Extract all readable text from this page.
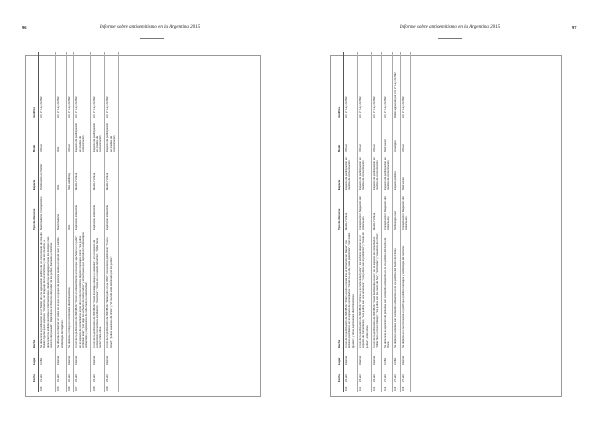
96	Informe sobre antisemitismo en la Argentina 2015
	Fecha	Lugar	Hecho	Tipo de discurso	Espacio	Modo	Justifica
104	21-abr	CABA	Se denuncia la publicación en el Twitter de una agrupación política de un comunicado de Claudio Rubén Aguilar quien expresó: "Volvemos, en lenguaje de las trincheras y de los muertos, a denunciar los ardides sionistas e internacionales, desde las sinagogas hasta los tiempos más oscuros del pasado". Reproduce el discurso del poder de los judíos, llamados a dominar.	Nacionalismo / Conspirativo	Publicación en Twitter	Virtual	Art. 3° Ley 23.592.
105	22-abr	Internet	Se difunde en internet un video en el que un grupo de jóvenes realiza el saludo nazi y exhibe simbología del régimen.	Nacionalismo	Otro	Otro	Art. 3° Ley 23.592.
106	22-abr	Internet	Se detecta un blog con contenidos discriminatorios.	Otro	Sitio web/blog	Virtual	Art. 3° Ley 23.592.
107	24-abr	Internet	A raíz de la publicación de INFOBAE "Crece el antisemitismo en Europa: apuñalan a un judío", en el espacio de comentarios al pie de la nota los lectores dejaron mensajes como: "los judíos controlan todo", "por algo los echaron de todos lados" y otras frases que reproducen estereotipos antisemitas y expresiones de odio hacia la colectividad.	Expresión antisemita	Medio / Virtual	Espacio de participación en medios de comunicación	Art. 3° Ley 23.592.
108	24-abr	Internet	A raíz de la publicación de INFOBAE "Israel investiga ataque a soldados", en el espacio de comentarios los lectores escribieron: "Asesinos", "Israel es un estado terrorista", "Hitler tenía razón" entre otros.	Expresión antisemita	Medio / Virtual	Espacio de participación en medios de comunicación	Art. 3° Ley 23.592.
109	24-abr	Internet	A raíz de la publicación de INFOBAE "Netanyahu en la ONU", los lectores publicaron: "Fuera Israel", "judíos asesinos de niños" y "el mundo está dominado por los judíos".	Expresión antisemita	Medio / Virtual	Espacio de participación en medios de comunicación	Art. 3° Ley 23.592.
Informe sobre antisemitismo en la Argentina 2015	97
	Fecha	Lugar	Hecho	Tipo de discurso	Espacio	Modo	Justifica
110	24-abr	Internet	A raíz de la publicación de INFOBAE "Piden ayuda a Israel tras el terremoto en Nepal", los lectores escribieron en el espacio de comentarios: "Israel no ayuda, mata palestinos", "son todos iguales", y otras expresiones discriminatorias.	Medio / Virtual	Espacio de participación en medios de comunicación	Virtual	Art. 3° Ley 23.592.
111	24-abr	Internet	A raíz de la publicación de INFOBAE "Críticas a la comunidad judía", los lectores dejaron en el espacio de comentarios: "Los judíos son una amenaza", "Los judíos son el problema" y "basta de judíos", entre otras.	Conspiración / Negación del Holocausto	Espacio de participación en medios de comunicación	Virtual	Art. 3° Ley 23.592.
112	24-abr	Internet	A raíz de la publicación de INFOBAE "Israel bombardea Gaza", en el espacio de comentarios: "Hitler hizo un buen trabajo", "los judíos son los nazis de hoy", "terroristas" y "asesinos de niños".	Medio / Virtual	Espacio de participación en medios de comunicación	Virtual	Art. 3° Ley 23.592.
113	27-abr	CABA	Se denuncia la aparición de pintadas con contenido antisemita en la vía pública del barrio de Once.	Conspiración / Negación del Holocausto	Espacio de participación en medios de comunicación	Red social	Art. 3° Ley 23.592.
114	27-abr	CABA	Se detectan volantes con contenido antisemita en la vía pública del barrio de Flores.	Simbología nazi	Espacio público	Analógico	Delito agravado por Art. 2° Ley 23.592.
115	27-abr	Internet	Se detecta en una red social un perfil que publica mensajes y simbología del nazismo.	Conspiración / Negación del Holocausto	Red social	Virtual	Art. 3° Ley 23.592.
